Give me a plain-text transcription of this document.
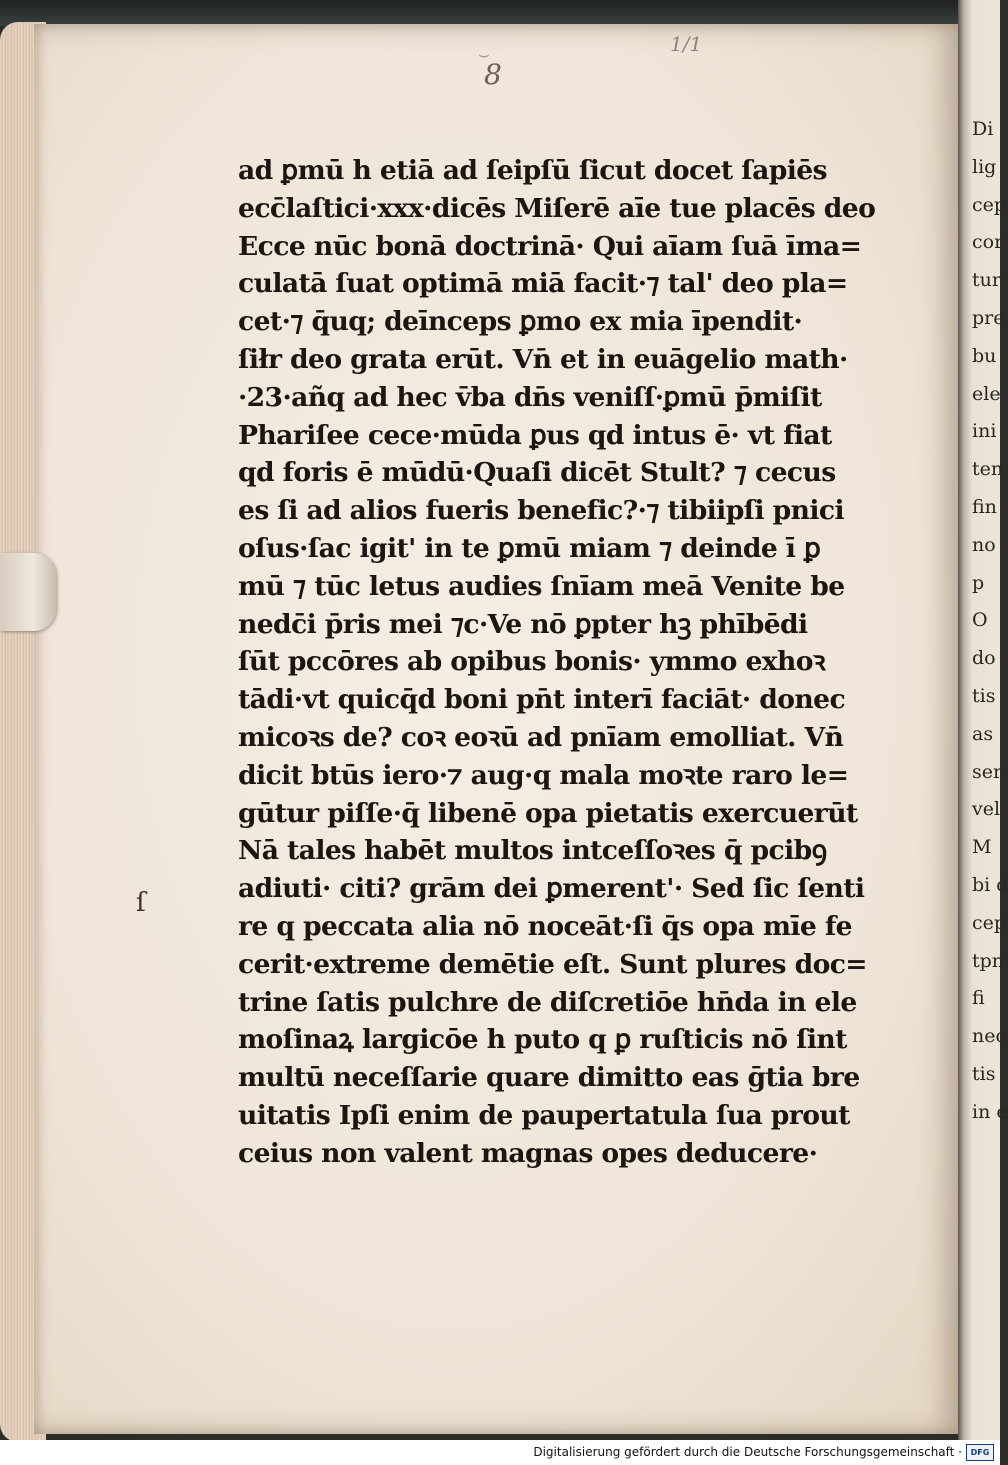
Di
lig
cep
cor
tur
pre
bu
ele
ini
ten
fin
no
p
O
do
tis
as
ser
vel
M
bi d
cep
tpn
fi
nec
tis
in e
⌣	1/1
8
ſ
ad ꝑmū h etiā ad ſeipſū ſicut docet ſapiēs
ecc̄laſtici·xxx·dicēs Miſerē aīe tue placēs deo
Ecce nūc bonā doctrinā· Qui aīam ſuā īma=
culatā ſuat optimā miā facit·⁊ tal' deo pla=
cet·⁊ q̄uq; deīnceps ꝑmo ex mia īpendit·
ſiłr deo grata erūt. Vn̄ et in euāgelio math·
·23·añq ad hec v̄ba dn̄s veniſſ·ꝑmū p̄miſit
Phariſee cece·mūda ꝑus qd intus ē· vt fiat
qd foris ē mūdū·Quaſi dicēt Stult? ⁊ cecus
es ſi ad alios fueris benefic?·⁊ tibiipſi pnici
oſus·ſac igit' in te ꝑmū miam ⁊ deinde ī ꝑ
mū ⁊ tūc letus audies ſnīam meā Venite be
nedc̄i p̄ris mei ⁊c·Ve nō ꝑpter hꝫ phībēdi
ſūt pccōres ab opibus bonis· ymmo exhoꝛ
tādi·vt quicq̄d boni pn̄t interī faciāt· donec
micoꝛs de? coꝛ eoꝛū ad pnīam emolliat. Vn̄
dicit btūs iero·⁊ aug·q mala moꝛte raro le=
gūtur piſſe·q̄ libenē opa pietatis exercuerūt
Nā tales habēt multos intceſſoꝛes q̄ pcibꝯ
adiuti· citi? grām dei ꝑmerent'· Sed ſic ſenti
re q peccata alia nō noceāt·ſi q̄s opa mīe fe
cerit·extreme demētie eſt. Sunt plures doc=
trine ſatis pulchre de diſcretiōe hn̄da in ele
moſinaꝝ largicōe h puto q ꝑ ruſticis nō ſint
multū neceſſarie quare dimitto eas ḡtia bre
uitatis Ipſi enim de paupertatula ſua prout
ceius non valent magnas opes deducere·
Digitalisierung gefördert durch die Deutsche Forschungsgemeinschaft ·	DFG
